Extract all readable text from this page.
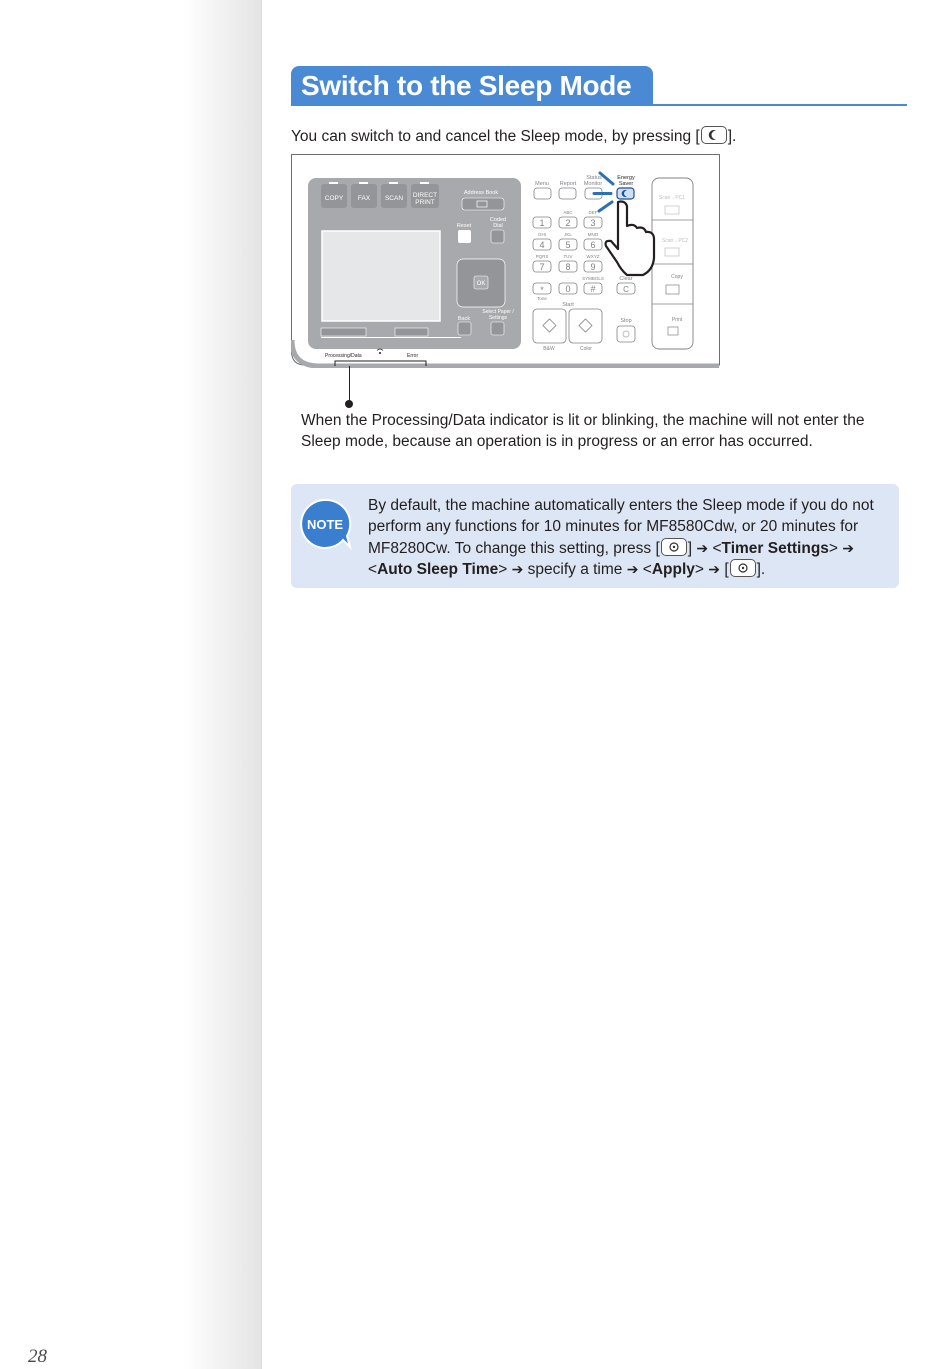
Switch to the Sleep Mode
You can switch to and cancel the Sleep mode, by pressing [ ].
COPY FAX SCAN DIRECT
PRINT
Address Book
Reset
Coded
Dial
OK
Back
Select Paper /
Settings
Menu Report
Status
Monitor
Energy
Saver
ABC	DEF
1 2 3
GHI	JKL	MNO
4 5 6
PQRS	TUV	WXYZ
7 8 9
SYMBOLS
* 0 #
Tone
Clear
C
Start
B&W	Color
Stop
Scan→PC1
Scan→PC2
Copy
Print
Processing/Data	Error
When the Processing/Data indicator is lit or blinking, the machine will not enter the Sleep mode, because an operation is in progress or an error has occurred.
NOTE
By default, the machine automatically enters the Sleep mode if you do not perform any functions for 10 minutes for MF8580Cdw, or 20 minutes for MF8280Cw. To change this setting, press [ ] ➔ <Timer Settings> ➔ <Auto Sleep Time> ➔ specify a time ➔ <Apply> ➔ [ ].
28
